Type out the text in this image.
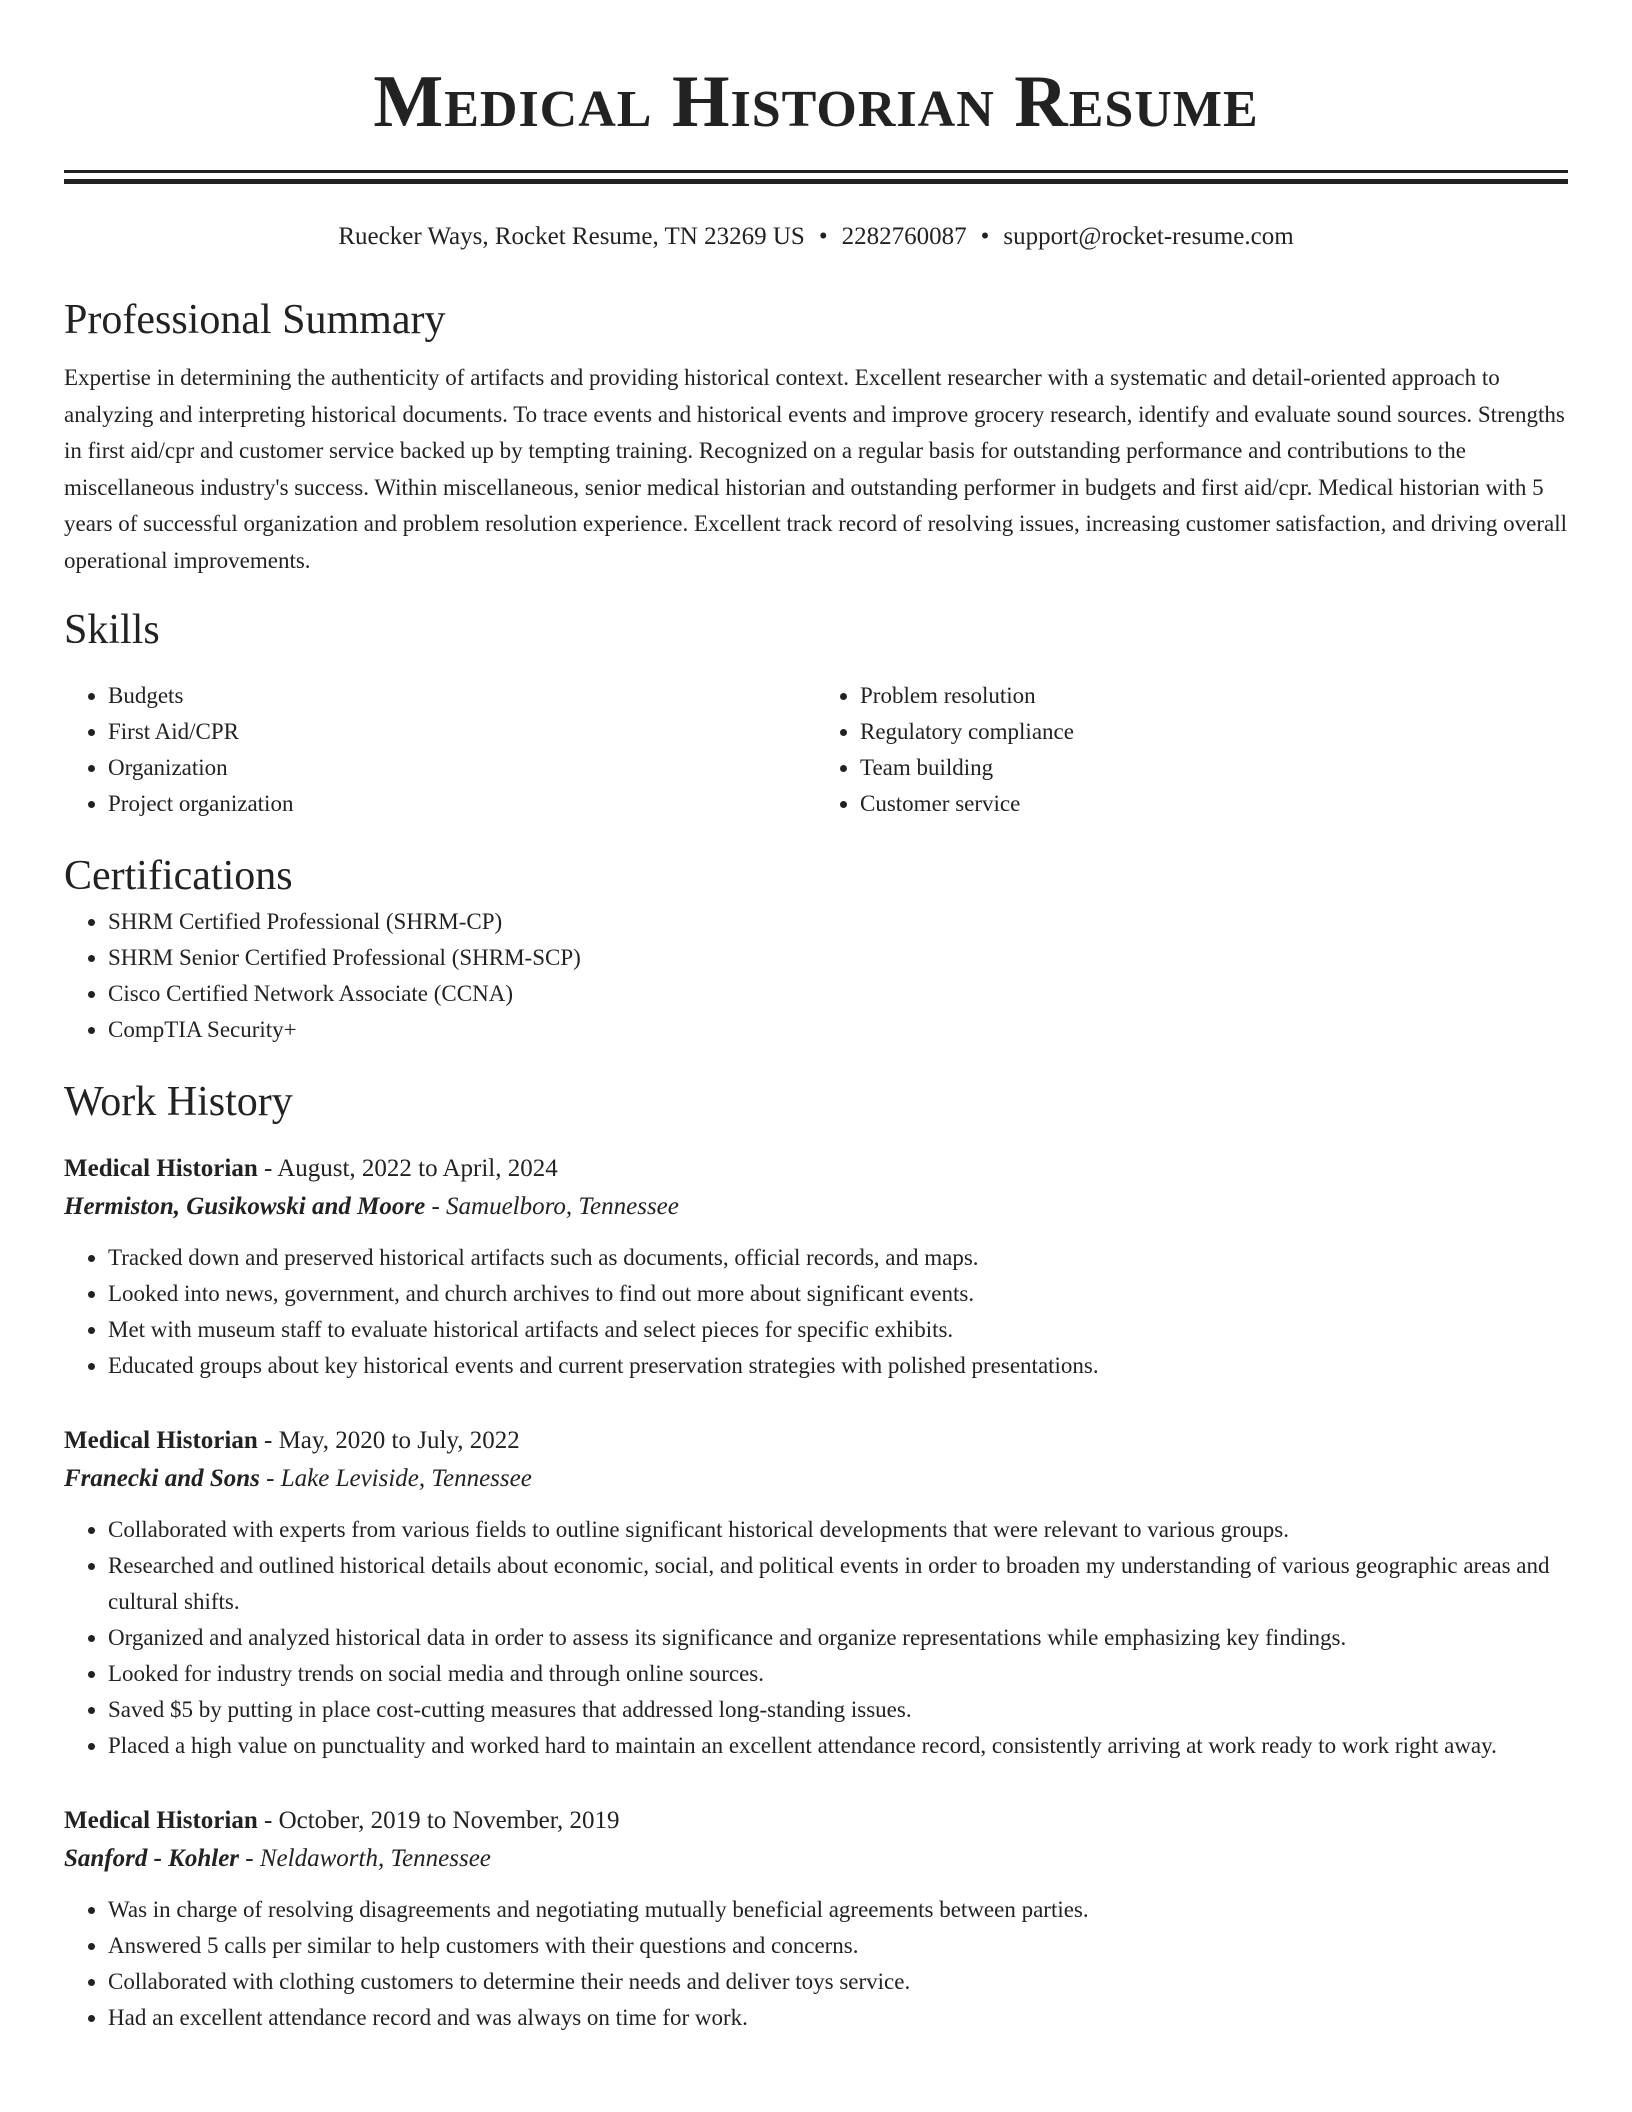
Medical Historian Resume
Ruecker Ways, Rocket Resume, TN 23269 US • 2282760087 • support@rocket-resume.com
Professional Summary

Expertise in determining the authenticity of artifacts and providing historical context. Excellent researcher with a systematic and detail-oriented approach to analyzing and interpreting historical documents. To trace events and historical events and improve grocery research, identify and evaluate sound sources. Strengths in first aid/cpr and customer service backed up by tempting training. Recognized on a regular basis for outstanding performance and contributions to the miscellaneous industry's success. Within miscellaneous, senior medical historian and outstanding performer in budgets and first aid/cpr. Medical historian with 5 years of successful organization and problem resolution experience. Excellent track record of resolving issues, increasing customer satisfaction, and driving overall operational improvements.

Skills
• Budgets
• First Aid/CPR
• Organization
• Project organization
• Problem resolution
• Regulatory compliance
• Team building
• Customer service
Certifications
• SHRM Certified Professional (SHRM-CP)
• SHRM Senior Certified Professional (SHRM-SCP)
• Cisco Certified Network Associate (CCNA)
• CompTIA Security+
Work History
Medical Historian - August, 2022 to April, 2024
Hermiston, Gusikowski and Moore - Samuelboro, Tennessee
• Tracked down and preserved historical artifacts such as documents, official records, and maps.
• Looked into news, government, and church archives to find out more about significant events.
• Met with museum staff to evaluate historical artifacts and select pieces for specific exhibits.
• Educated groups about key historical events and current preservation strategies with polished presentations.
Medical Historian - May, 2020 to July, 2022
Franecki and Sons - Lake Leviside, Tennessee
• Collaborated with experts from various fields to outline significant historical developments that were relevant to various groups.
• Researched and outlined historical details about economic, social, and political events in order to broaden my understanding of various geographic areas and cultural shifts.
• Organized and analyzed historical data in order to assess its significance and organize representations while emphasizing key findings.
• Looked for industry trends on social media and through online sources.
• Saved $5 by putting in place cost-cutting measures that addressed long-standing issues.
• Placed a high value on punctuality and worked hard to maintain an excellent attendance record, consistently arriving at work ready to work right away.
Medical Historian - October, 2019 to November, 2019
Sanford - Kohler - Neldaworth, Tennessee
• Was in charge of resolving disagreements and negotiating mutually beneficial agreements between parties.
• Answered 5 calls per similar to help customers with their questions and concerns.
• Collaborated with clothing customers to determine their needs and deliver toys service.
• Had an excellent attendance record and was always on time for work.
